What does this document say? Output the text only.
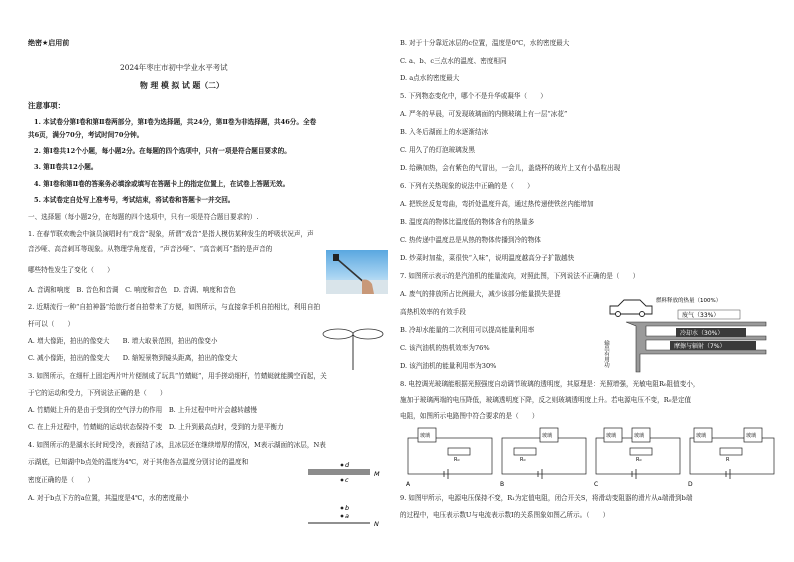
绝密★启用前
2024年枣庄市初中学业水平考试
物 理 模 拟 试 题（二）
注意事项：
1. 本试卷分第Ⅰ卷和第Ⅱ卷两部分，第Ⅰ卷为选择题，共24分，第Ⅱ卷为非选择题，共46分。全卷
共6页，满分70分，考试时间70分钟。
2. 第Ⅰ卷共12个小题，每小题2分。在每题的四个选项中，只有一项是符合题目要求的。
3. 第Ⅱ卷共12小题。
4. 第Ⅰ卷和第Ⅱ卷的答案务必填涂或填写在答题卡上的指定位置上，在试卷上答题无效。
5. 本试卷定自处写上准考号，考试结束，将试卷和答题卡一并交回。
一、选择题（每小题2分，在每题的四个选项中，只有一项是符合题目要求的）.
1. 在春节联欢晚会中演员演唱时有“戏音”现象，所谓“戏音”是指人模仿某种发生的呼吸状况声，声
音沙哑、高音刺耳等现象。从物理学角度看，“声音沙哑”、“高音刺耳”指的是声音的
哪些特性发生了变化（　　）
A. 音调和响度　B. 音色和音调　C. 响度和音色　D. 音调、响度和音色
2. 近期流行一种“自拍神器”给旅行者自拍带来了方便，如图所示，与直接拿手机自拍相比，利用自拍
杆可以（　　）
A. 增大像距，拍出的像变大　　B. 增大取景范围，拍出的像变小
C. 减小像距，拍出的像变大　　D. 缩短景物到镜头距离，拍出的像变大
3. 如图所示，在细杆上固定两片叶片便制成了玩具“竹蜻蜓”，用手搓动细杆，竹蜻蜓就能腾空而起，关
于它的运动和受力，下列说法正确的是（　　）
A. 竹蜻蜓上升的是由于受到的空气浮力的作用　B. 上升过程中叶片会越转越慢
C. 在上升过程中，竹蜻蜓的运动状态保持不变　D. 上升到最高点时，受到的力是平衡力
4. 如图所示的是湖水长时间受冷，表面结了冰，且冰层还在继续增厚的情况，M表示湖面的冰层，N表
示湖底，已知湖中b点处的温度为4℃，对于其他各点温度分别讨论的温度和
密度正确的是（　　）
A. 对于b点下方的a位置，其温度是4℃，水的密度最小
d
M
c
b
a
N
B. 对于十分靠近冰层的c位置，温度是0℃，水的密度最大
C. a、b、c三点水的温度、密度相同
D. a点水的密度最大
5. 下列物态变化中，哪个不是升华或凝华（　　）
A. 严冬的早晨，可发现玻璃面的内侧玻璃上有一层“冰花”
B. 入冬后湖面上的水逐渐结冰
C. 用久了的灯泡玻璃发黑
D. 给碘加热，会有紫色的气冒出，一会儿，盖烧杯的玻片上又有小晶粒出现
6. 下列有关热现象的说法中正确的是（　　）
A. 把铁丝反复弯曲，弯折处温度升高，通过热传递使铁丝内能增加
B. 温度高的物体比温度低的物体含有的热量多
C. 热传递中温度总是从热的物体传播到冷的物体
D. 炒菜时加盐，菜很快“入味”，说明温度越高分子扩散越快
7. 如图所示表示的是汽油机的能量流向，对照此图，下列说法不正确的是（　　）
A. 废气的排放所占比例最大，减少该部分能量损失是提
高热机效率的有效手段
B. 冷却水能量的二次利用可以提高能量利用率
C. 该汽油机的热机效率为76%
D. 该汽油机的能量利用率为30%
8. 电控调光玻璃能根据光照强度自动调节玻璃的透明度，其原理是：光照增强，光敏电阻R₀阻值变小，
施加于玻璃两端的电压降低，玻璃透明度下降，反之则玻璃透明度上升。若电源电压不变，R₀是定值
电阻，如图所示电路图中符合要求的是（　　）
9. 如图甲所示，电源电压保持不变，R₁为定值电阻，闭合开关S，将滑动变阻器的滑片从a端滑到b端
的过程中，电压表示数U与电流表示数I的关系图象如图乙所示。（　　）
燃料释放的热量（100%）
废气（33%）
冷却水（30%）
摩擦与辐射（7%）
输出有用功
玻璃
R₀
A
玻璃
R₀
B
玻璃	玻璃
R₀
C
玻璃	玻璃
R
D
